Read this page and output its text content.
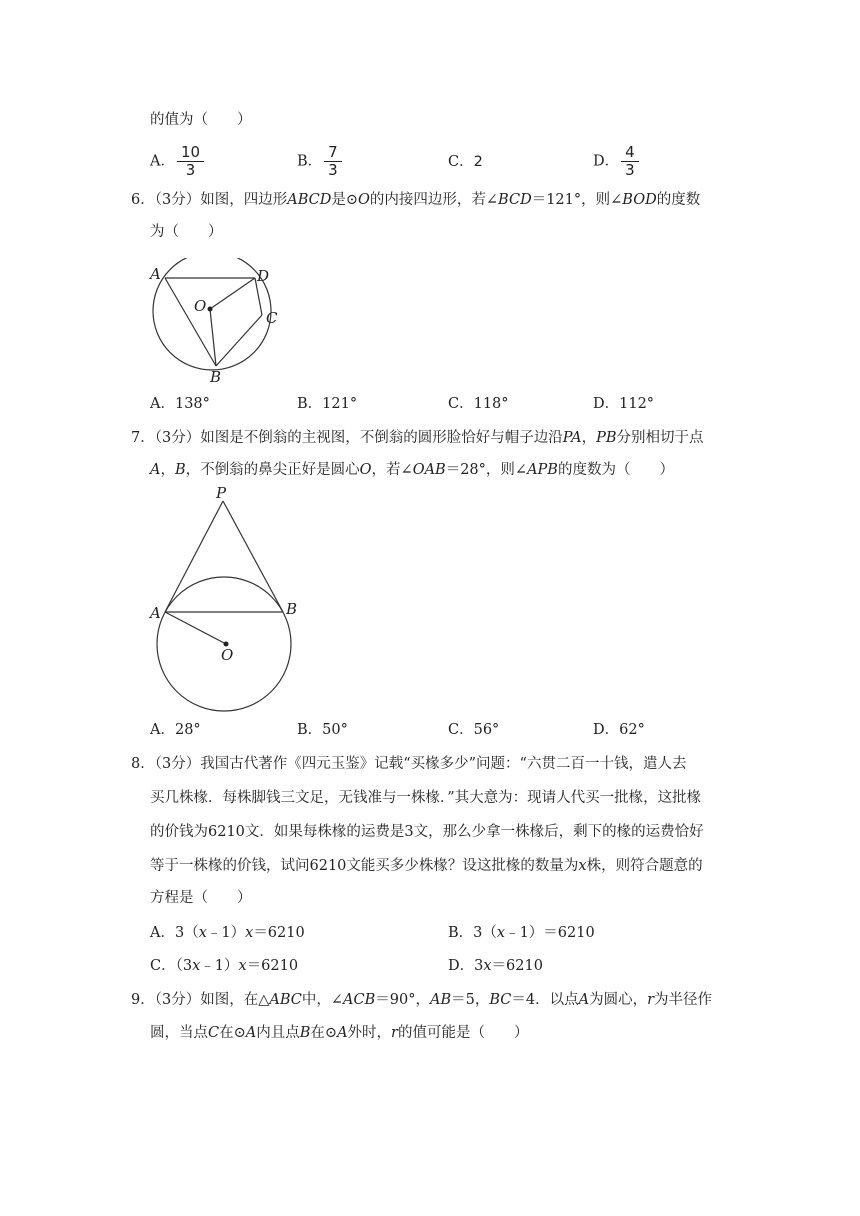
的值为（　　）
A． $\frac{10}{3}$	B． $\frac{7}{3}$	C．2	D． $\frac{4}{3}$
6．（3分）如图，四边形ABCD是⊙O的内接四边形，若∠BCD＝121°，则∠BOD的度数
为（　　）
A	D
O
C
B
A．138°	B．121°	C．118°	D．112°
7．（3分）如图是不倒翁的主视图，不倒翁的圆形脸恰好与帽子边沿PA，PB分别相切于点
A，B，不倒翁的鼻尖正好是圆心O，若∠OAB＝28°，则∠APB的度数为（　　）
P
A	B
O
A．28°	B．50°	C．56°	D．62°
8．（3分）我国古代著作《四元玉鉴》记载“买椽多少”问题：“六贯二百一十钱，遣人去
买几株椽．每株脚钱三文足，无钱准与一株椽．”其大意为：现请人代买一批椽，这批椽
的价钱为6210文．如果每株椽的运费是3文，那么少拿一株椽后，剩下的椽的运费恰好
等于一株椽的价钱，试问6210文能买多少株椽？设这批椽的数量为x株，则符合题意的
方程是（　　）
A．3（x﹣1）x＝6210	B．3（x﹣1）＝6210
C．（3x﹣1）x＝6210	D．3x＝6210
9．（3分）如图，在△ABC中，∠ACB＝90°，AB＝5，BC＝4．以点A为圆心，r为半径作
圆，当点C在⊙A内且点B在⊙A外时，r的值可能是（　　）
